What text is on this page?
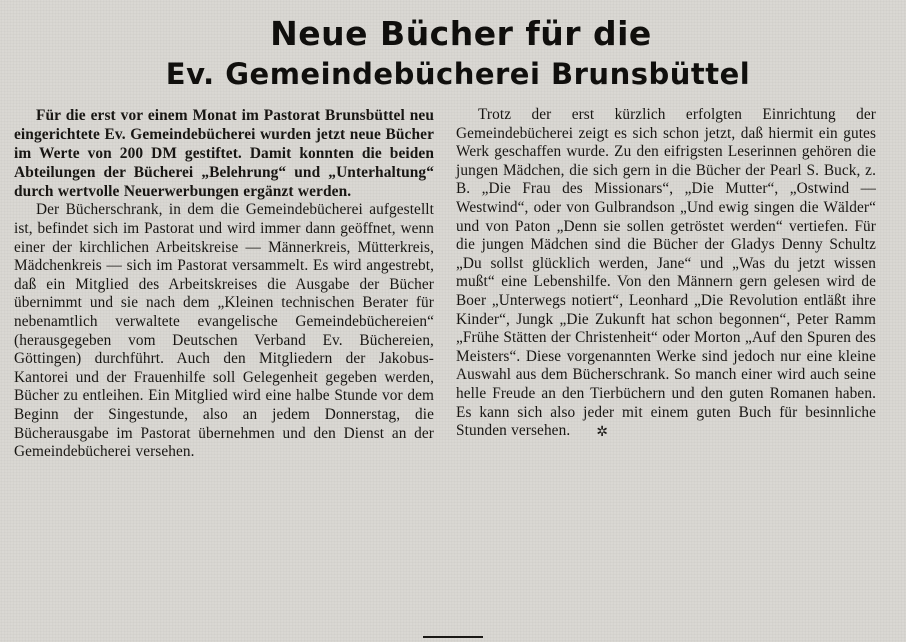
Neue Bücher für die
Ev. Gemeindebücherei Brunsbüttel

Für die erst vor einem Monat im Pastorat Brunsbüttel neu eingerichtete Ev. Gemeindebücherei wurden jetzt neue Bücher im Werte von 200 DM gestiftet. Damit konnten die beiden Abteilungen der Bücherei „Belehrung“ und „Unterhaltung“ durch wertvolle Neuerwerbungen ergänzt werden.

Der Bücherschrank, in dem die Gemeindebücherei aufgestellt ist, befindet sich im Pastorat und wird immer dann geöffnet, wenn einer der kirchlichen Arbeitskreise — Männerkreis, Mütterkreis, Mädchenkreis — sich im Pastorat versammelt. Es wird angestrebt, daß ein Mitglied des Arbeitskreises die Ausgabe der Bücher übernimmt und sie nach dem „Kleinen technischen Berater für nebenamtlich verwaltete evangelische Gemeindebüchereien“ (herausgegeben vom Deutschen Verband Ev. Büchereien, Göttingen) durchführt. Auch den Mitgliedern der Jakobus-Kantorei und der Frauenhilfe soll Gelegenheit gegeben werden, Bücher zu entleihen. Ein Mitglied wird eine halbe Stunde vor dem Beginn der Singestunde, also an jedem Donnerstag, die Bücherausgabe im Pastorat übernehmen und den Dienst an der Gemeindebücherei versehen.

Trotz der erst kürzlich erfolgten Einrichtung der Gemeindebücherei zeigt es sich schon jetzt, daß hiermit ein gutes Werk geschaffen wurde. Zu den eifrigsten Leserinnen gehören die jungen Mädchen, die sich gern in die Bücher der Pearl S. Buck, z. B. „Die Frau des Missionars“, „Die Mutter“, „Ostwind — Westwind“, oder von Gulbrandson „Und ewig singen die Wälder“ und von Paton „Denn sie sollen getröstet werden“ vertiefen. Für die jungen Mädchen sind die Bücher der Gladys Denny Schultz „Du sollst glücklich werden, Jane“ und „Was du jetzt wissen mußt“ eine Lebenshilfe. Von den Männern gern gelesen wird de Boer „Unterwegs notiert“, Leonhard „Die Revolution entläßt ihre Kinder“, Jungk „Die Zukunft hat schon begonnen“, Peter Ramm „Frühe Stätten der Christenheit“ oder Morton „Auf den Spuren des Meisters“. Diese vorgenannten Werke sind jedoch nur eine kleine Auswahl aus dem Bücherschrank. So manch einer wird auch seine helle Freude an den Tierbüchern und den guten Romanen haben. Es kann sich also jeder mit einem guten Buch für besinnliche Stunden versehen. ✲
